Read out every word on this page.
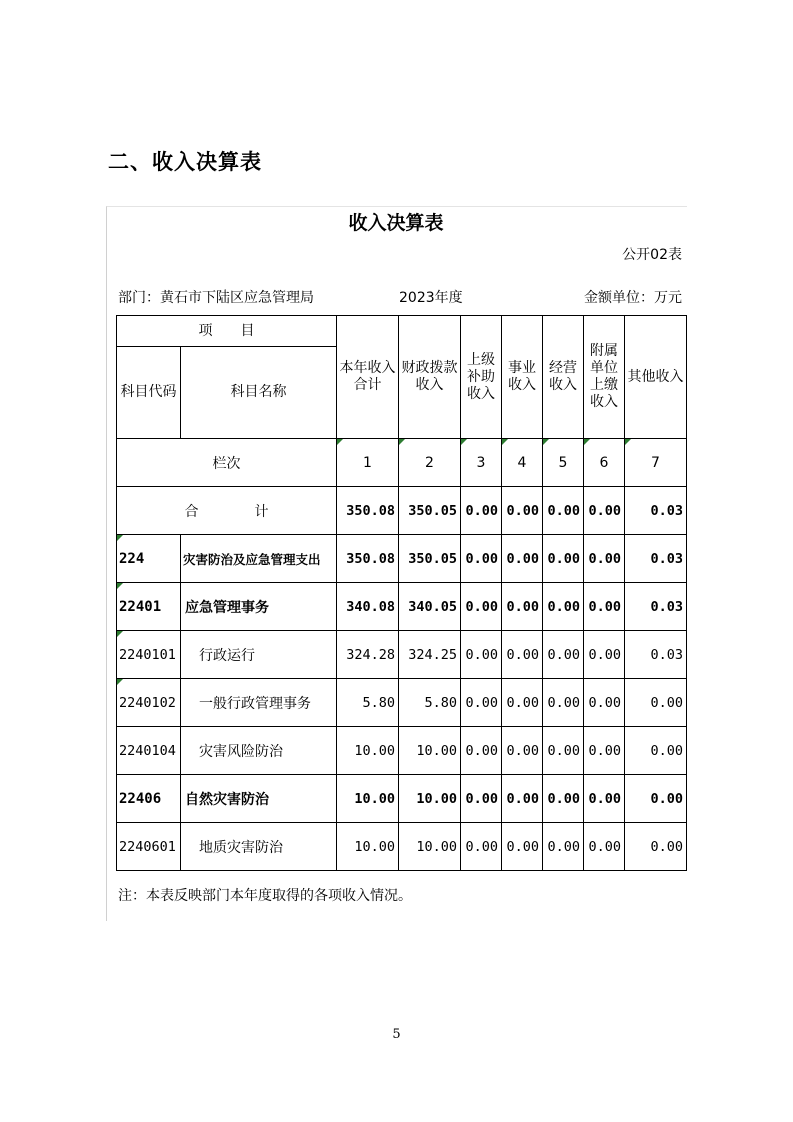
二、收入决算表
收入决算表
公开02表
部门：黄石市下陆区应急管理局	2023年度	金额单位：万元
项　　目		本年收入合计	财政拨款收入	上级补助收入	事业收入	经营收入	附属单位上缴收入	其他收入
科目代码	科目名称							
栏次		1	2	3	4	5	6	7
合　　　　计		350.08	350.05	0.00	0.00	0.00	0.00	0.03
224	灾害防治及应急管理支出	350.08	350.05	0.00	0.00	0.00	0.00	0.03
22401	应急管理事务	340.08	340.05	0.00	0.00	0.00	0.00	0.03
2240101	行政运行	324.28	324.25	0.00	0.00	0.00	0.00	0.03
2240102	一般行政管理事务	5.80	5.80	0.00	0.00	0.00	0.00	0.00
2240104	灾害风险防治	10.00	10.00	0.00	0.00	0.00	0.00	0.00
22406	自然灾害防治	10.00	10.00	0.00	0.00	0.00	0.00	0.00
2240601	地质灾害防治	10.00	10.00	0.00	0.00	0.00	0.00	0.00
注：本表反映部门本年度取得的各项收入情况。
5
